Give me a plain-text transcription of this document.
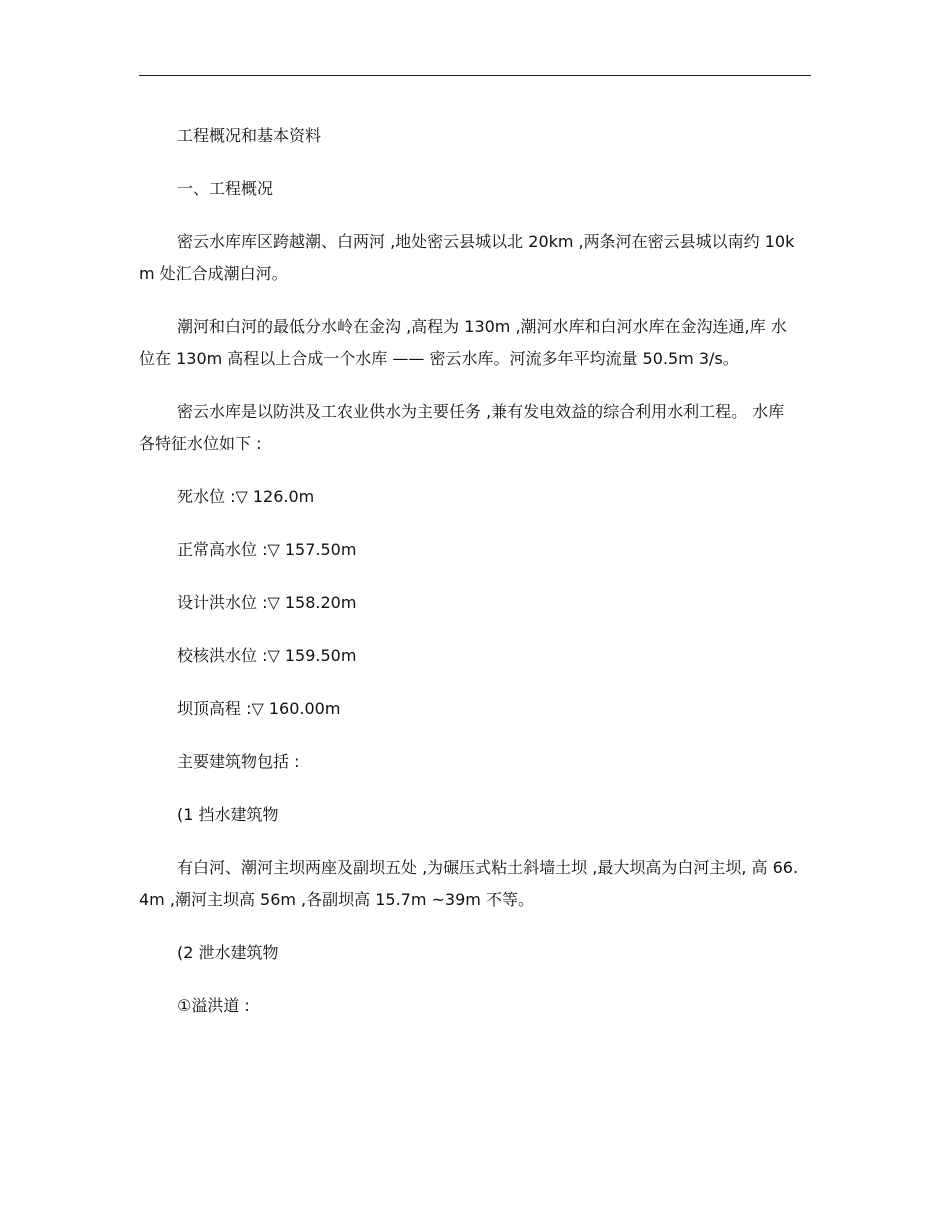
工程概况和基本资料

一、工程概况

密云水库库区跨越潮、白两河 ,地处密云县城以北 20km ,两条河在密云县城以南约 10km 处汇合成潮白河。

潮河和白河的最低分水岭在金沟 ,高程为 130m ,潮河水库和白河水库在金沟连通,库 水位在 130m 高程以上合成一个水库 —— 密云水库。河流多年平均流量 50.5m 3/s。

密云水库是以防洪及工农业供水为主要任务 ,兼有发电效益的综合利用水利工程。 水库各特征水位如下 :

死水位 :▽ 126.0m

正常高水位 :▽ 157.50m

设计洪水位 :▽ 158.20m

校核洪水位 :▽ 159.50m

坝顶高程 :▽ 160.00m

主要建筑物包括 :

(1 挡水建筑物

有白河、潮河主坝两座及副坝五处 ,为碾压式粘土斜墙土坝 ,最大坝高为白河主坝, 高 66.4m ,潮河主坝高 56m ,各副坝高 15.7m ~39m 不等。

(2 泄水建筑物

①溢洪道 :
